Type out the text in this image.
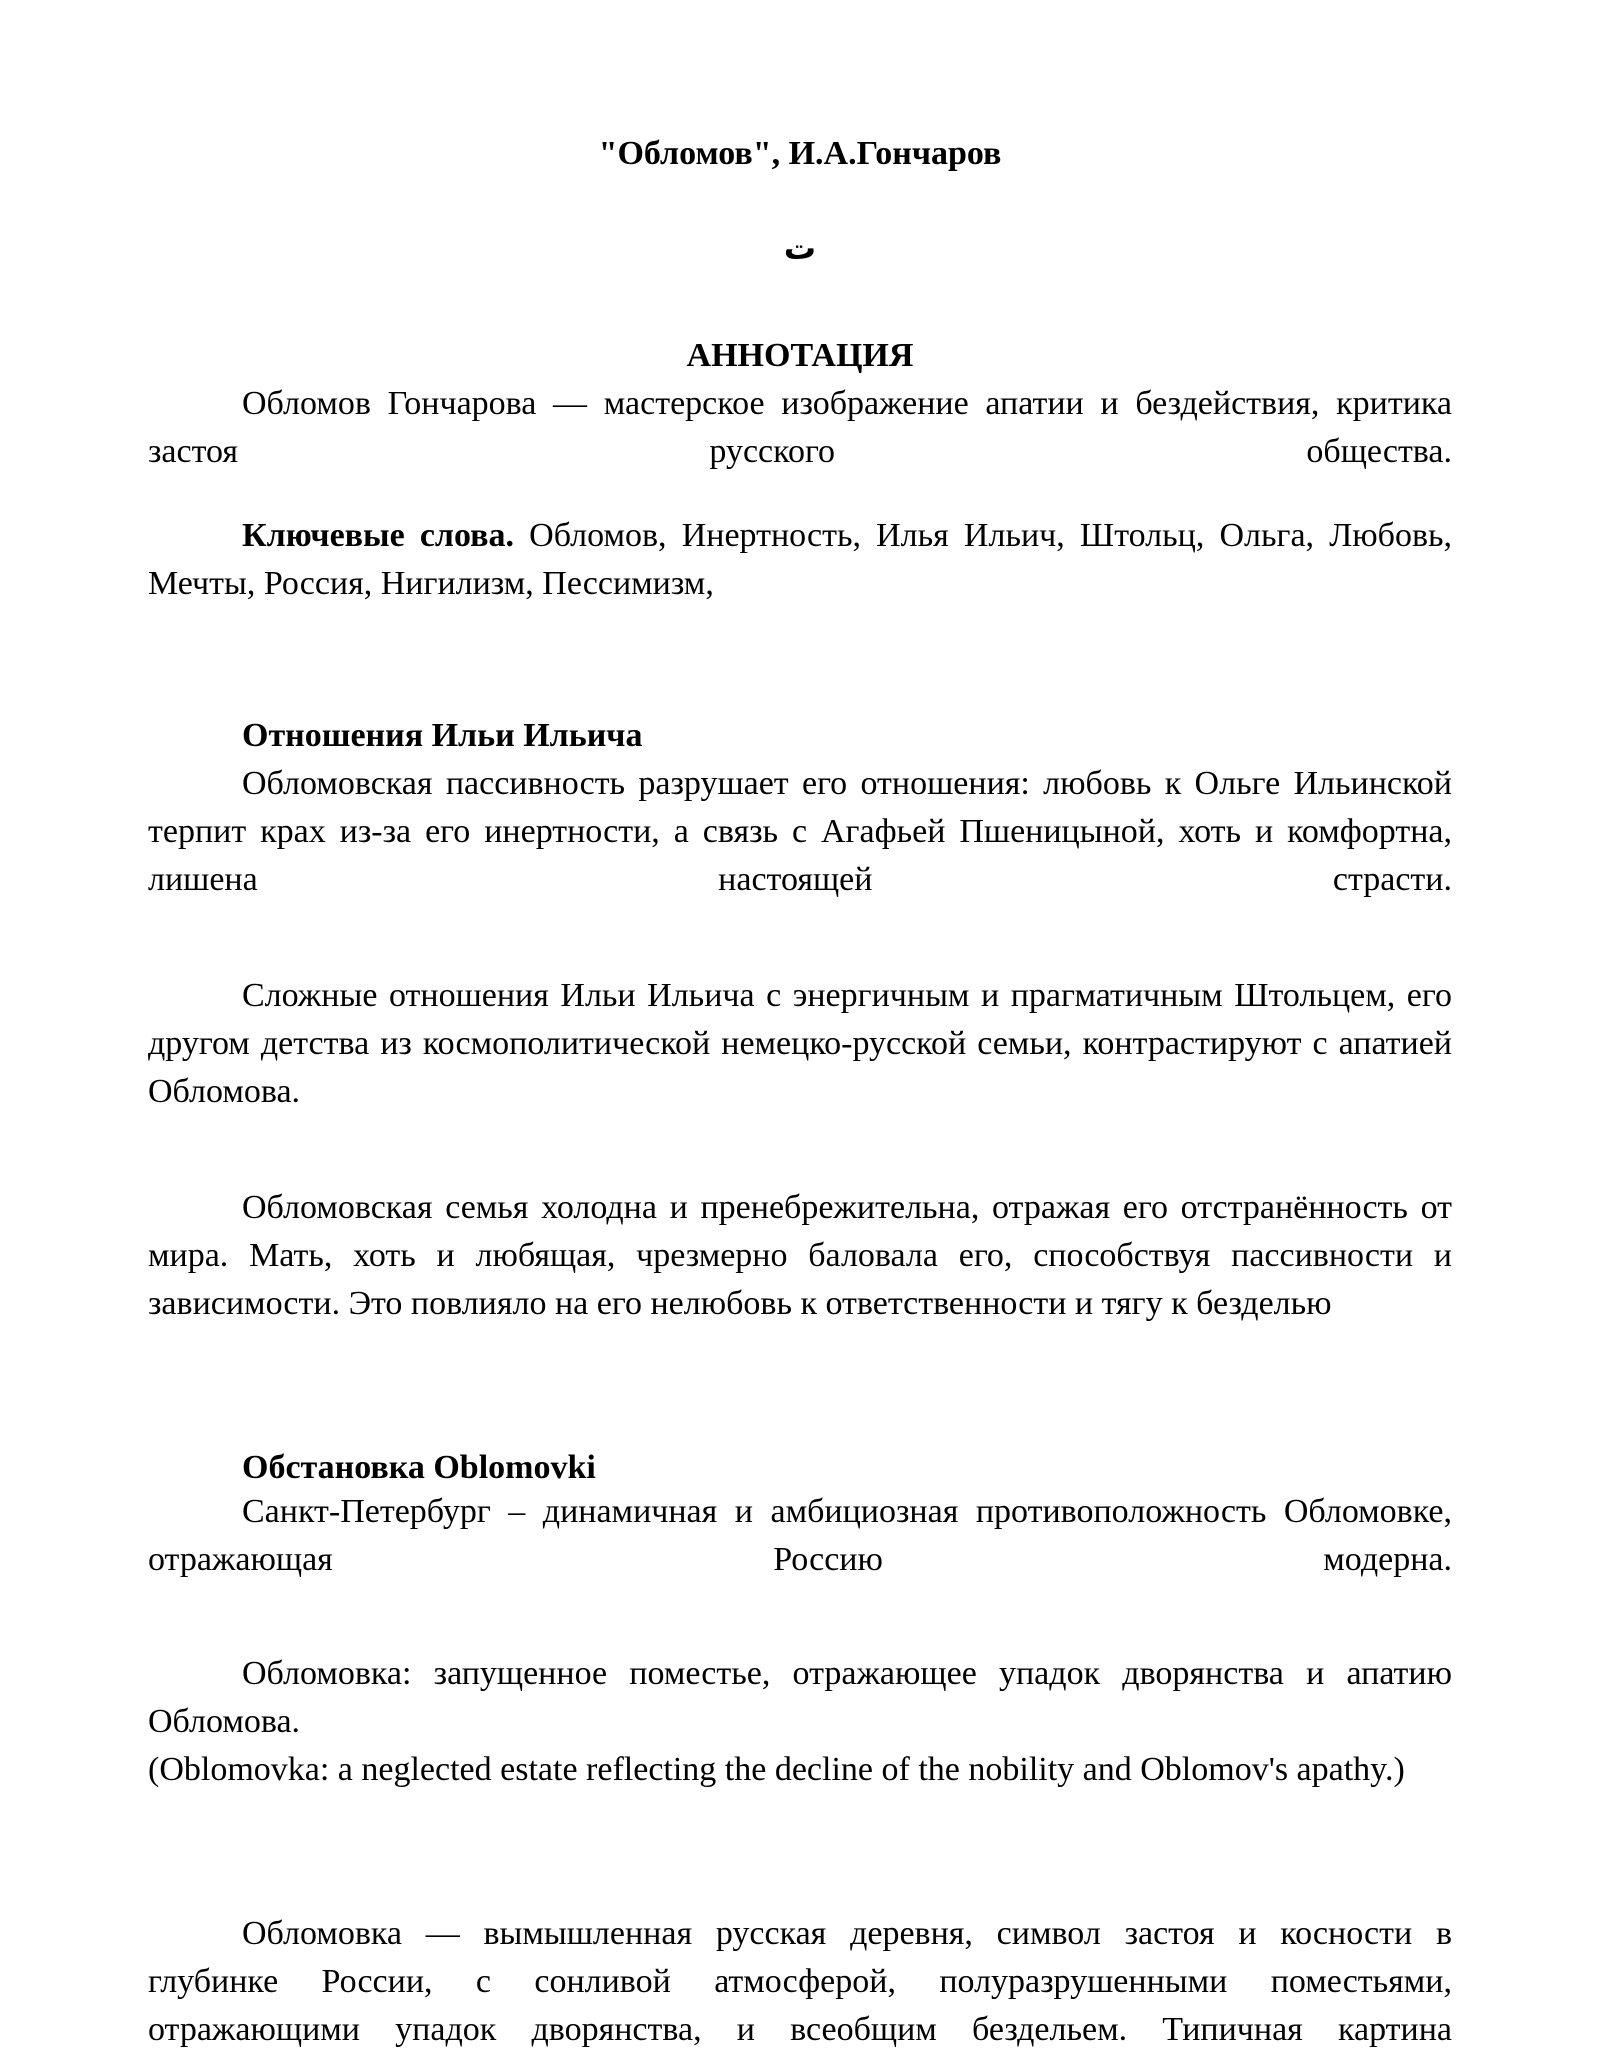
"Обломов", И.А.Гончаров
ت
АННОТАЦИЯ
Обломов Гончарова — мастерское изображение апатии и бездействия, критика застоя русского общества.
Ключевые слова. Обломов, Инертность, Илья Ильич, Штольц, Ольга, Любовь, Мечты, Россия, Нигилизм, Пессимизм,
Отношения Ильи Ильича
Обломовская пассивность разрушает его отношения: любовь к Ольге Ильинской терпит крах из-за его инертности, а связь с Агафьей Пшеницыной, хоть и комфортна, лишена настоящей страсти.
Сложные отношения Ильи Ильича с энергичным и прагматичным Штольцем, его другом детства из космополитической немецко-русской семьи, контрастируют с апатией Обломова.
Обломовская семья холодна и пренебрежительна, отражая его отстранённость от мира. Мать, хоть и любящая, чрезмерно баловала его, способствуя пассивности и зависимости. Это повлияло на его нелюбовь к ответственности и тягу к безделью
Обстановка Oblomovki
Санкт-Петербург – динамичная и амбициозная противоположность Обломовке, отражающая Россию модерна.
Обломовка: запущенное поместье, отражающее упадок дворянства и апатию Обломова.
(Oblomovka: a neglected estate reflecting the decline of the nobility and Oblomov's apathy.)
Обломовка — вымышленная русская деревня, символ застоя и косности в глубинке России, с сонливой атмосферой, полуразрушенными поместьями, отражающими упадок дворянства, и всеобщим бездельем. Типичная картина
